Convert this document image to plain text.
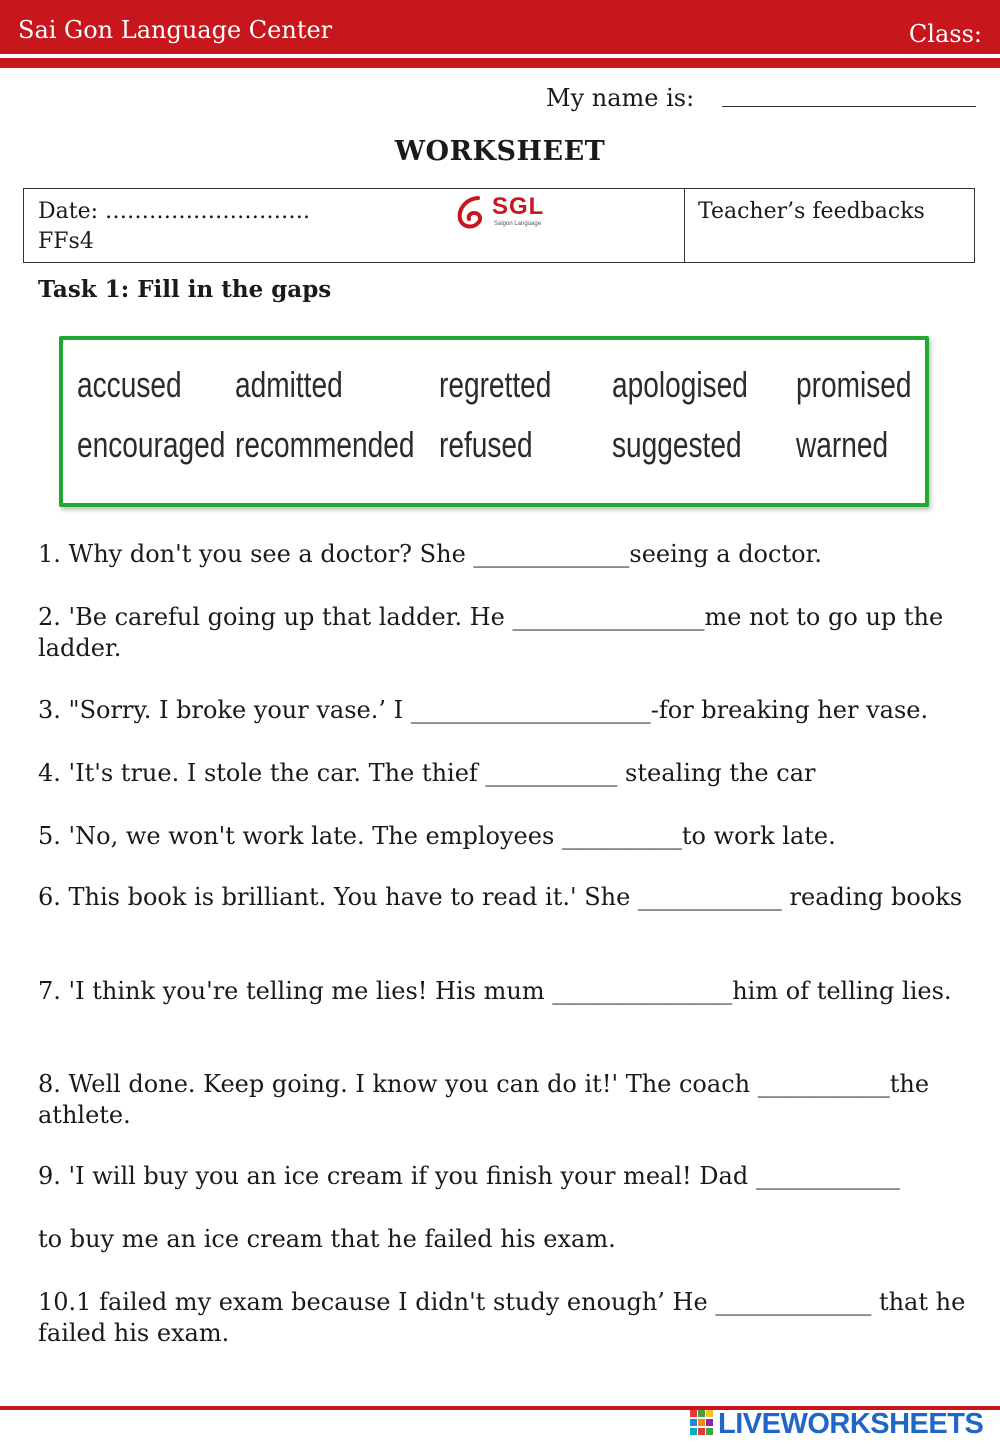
Sai Gon Language Center	Class:
My name is:
WORKSHEET
Date: ……………………….
FFs4
SGL
Saigon Language	Teacher’s feedbacks
Task 1: Fill in the gaps
accused admitted	regretted apologised promised
encouraged recommended refused suggested warned
1. Why don't you see a doctor? She _____________seeing a doctor.
2. 'Be careful going up that ladder. He ________________me not to go up the ladder.
3. "Sorry. I broke your vase.’ I ____________________-for breaking her vase.
4. 'It's true. I stole the car. The thief ___________ stealing the car
5. 'No, we won't work late. The employees __________to work late.
6. This book is brilliant. You have to read it.' She ____________ reading books
7. 'I think you're telling me lies! His mum _______________him of telling lies.
8. Well done. Keep going. I know you can do it!' The coach ___________the athlete.
9. 'I will buy you an ice cream if you finish your meal! Dad ____________
to buy me an ice cream that he failed his exam.
10.1 failed my exam because I didn't study enough’ He _____________ that he failed his exam.
LIVEWORKSHEETS
